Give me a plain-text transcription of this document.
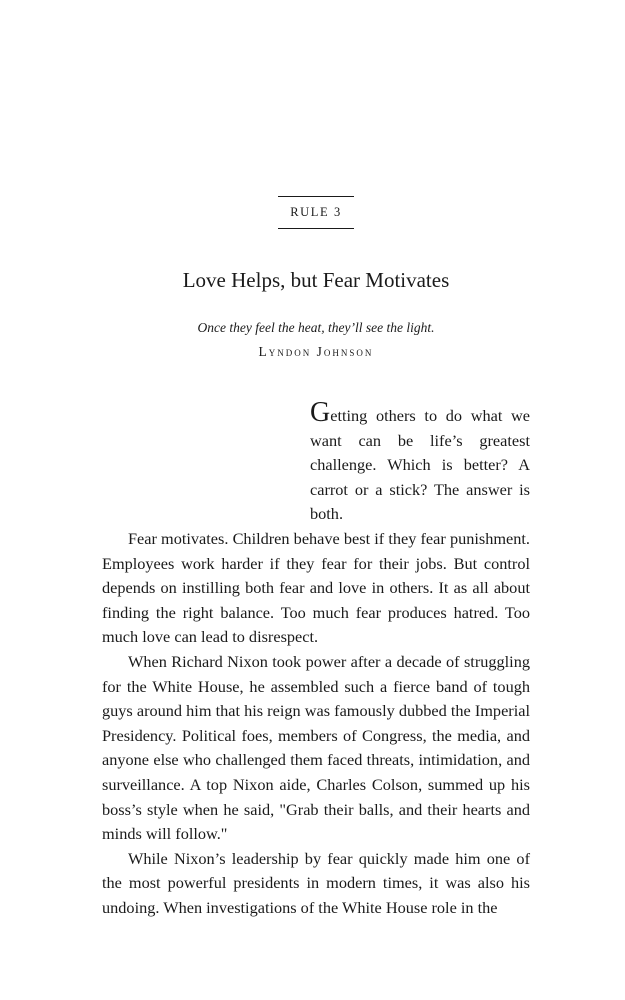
RULE 3
Love Helps, but Fear Motivates
Once they feel the heat, they’ll see the light.
Lyndon Johnson

Getting others to do what we want can be life’s greatest challenge. Which is better? A carrot or a stick? The answer is both.

Fear motivates. Children behave best if they fear punishment. Employees work harder if they fear for their jobs. But control depends on instilling both fear and love in others. It as all about finding the right balance. Too much fear produces hatred. Too much love can lead to disrespect.

When Richard Nixon took power after a decade of struggling for the White House, he assembled such a fierce band of tough guys around him that his reign was famously dubbed the Imperial Presidency. Political foes, members of Congress, the media, and anyone else who challenged them faced threats, intimidation, and surveillance. A top Nixon aide, Charles Colson, summed up his boss’s style when he said, "Grab their balls, and their hearts and minds will follow."

While Nixon’s leadership by fear quickly made him one of the most powerful presidents in modern times, it was also his undoing. When investigations of the White House role in the
